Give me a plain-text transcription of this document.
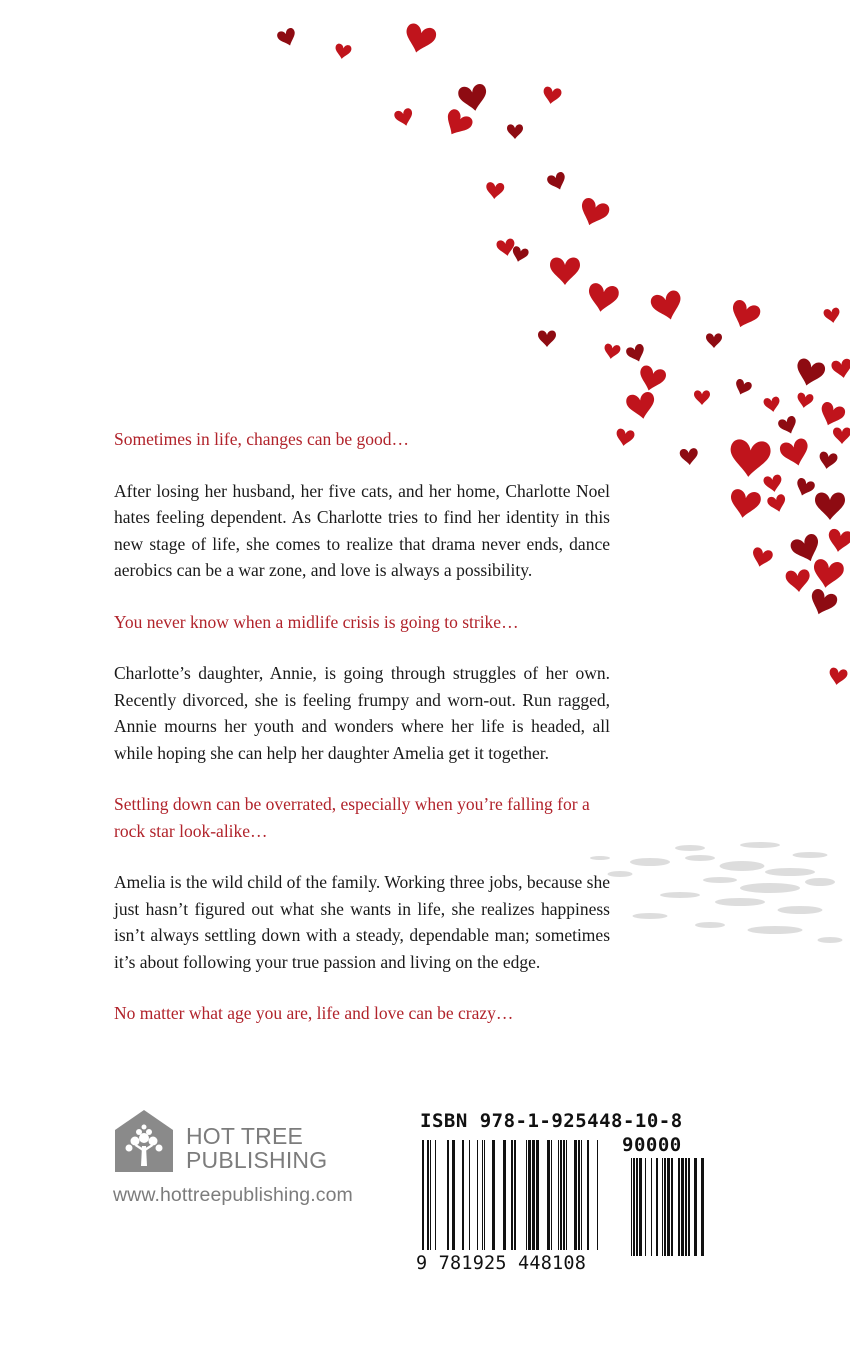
Sometimes in life, changes can be good…

After losing her husband, her five cats, and her home, Charlotte Noel hates feeling dependent. As Charlotte tries to find her identity in this new stage of life, she comes to realize that drama never ends, dance aerobics can be a war zone, and love is always a possibility.

You never know when a midlife crisis is going to strike…

Charlotte’s daughter, Annie, is going through struggles of her own. Recently divorced, she is feeling frumpy and worn-out. Run ragged, Annie mourns her youth and wonders where her life is headed, all while hoping she can help her daughter Amelia get it together.

Settling down can be overrated, especially when you’re falling for a rock star look-alike…

Amelia is the wild child of the family. Working three jobs, because she just hasn’t figured out what she wants in life, she realizes happiness isn’t always settling down with a steady, dependable man; sometimes it’s about following your true passion and living on the edge.

No matter what age you are, life and love can be crazy…

HOT TREE
PUBLISHING
www.hottreepublishing.com
ISBN 978-1-925448-10-8
90000
9 781925 448108
